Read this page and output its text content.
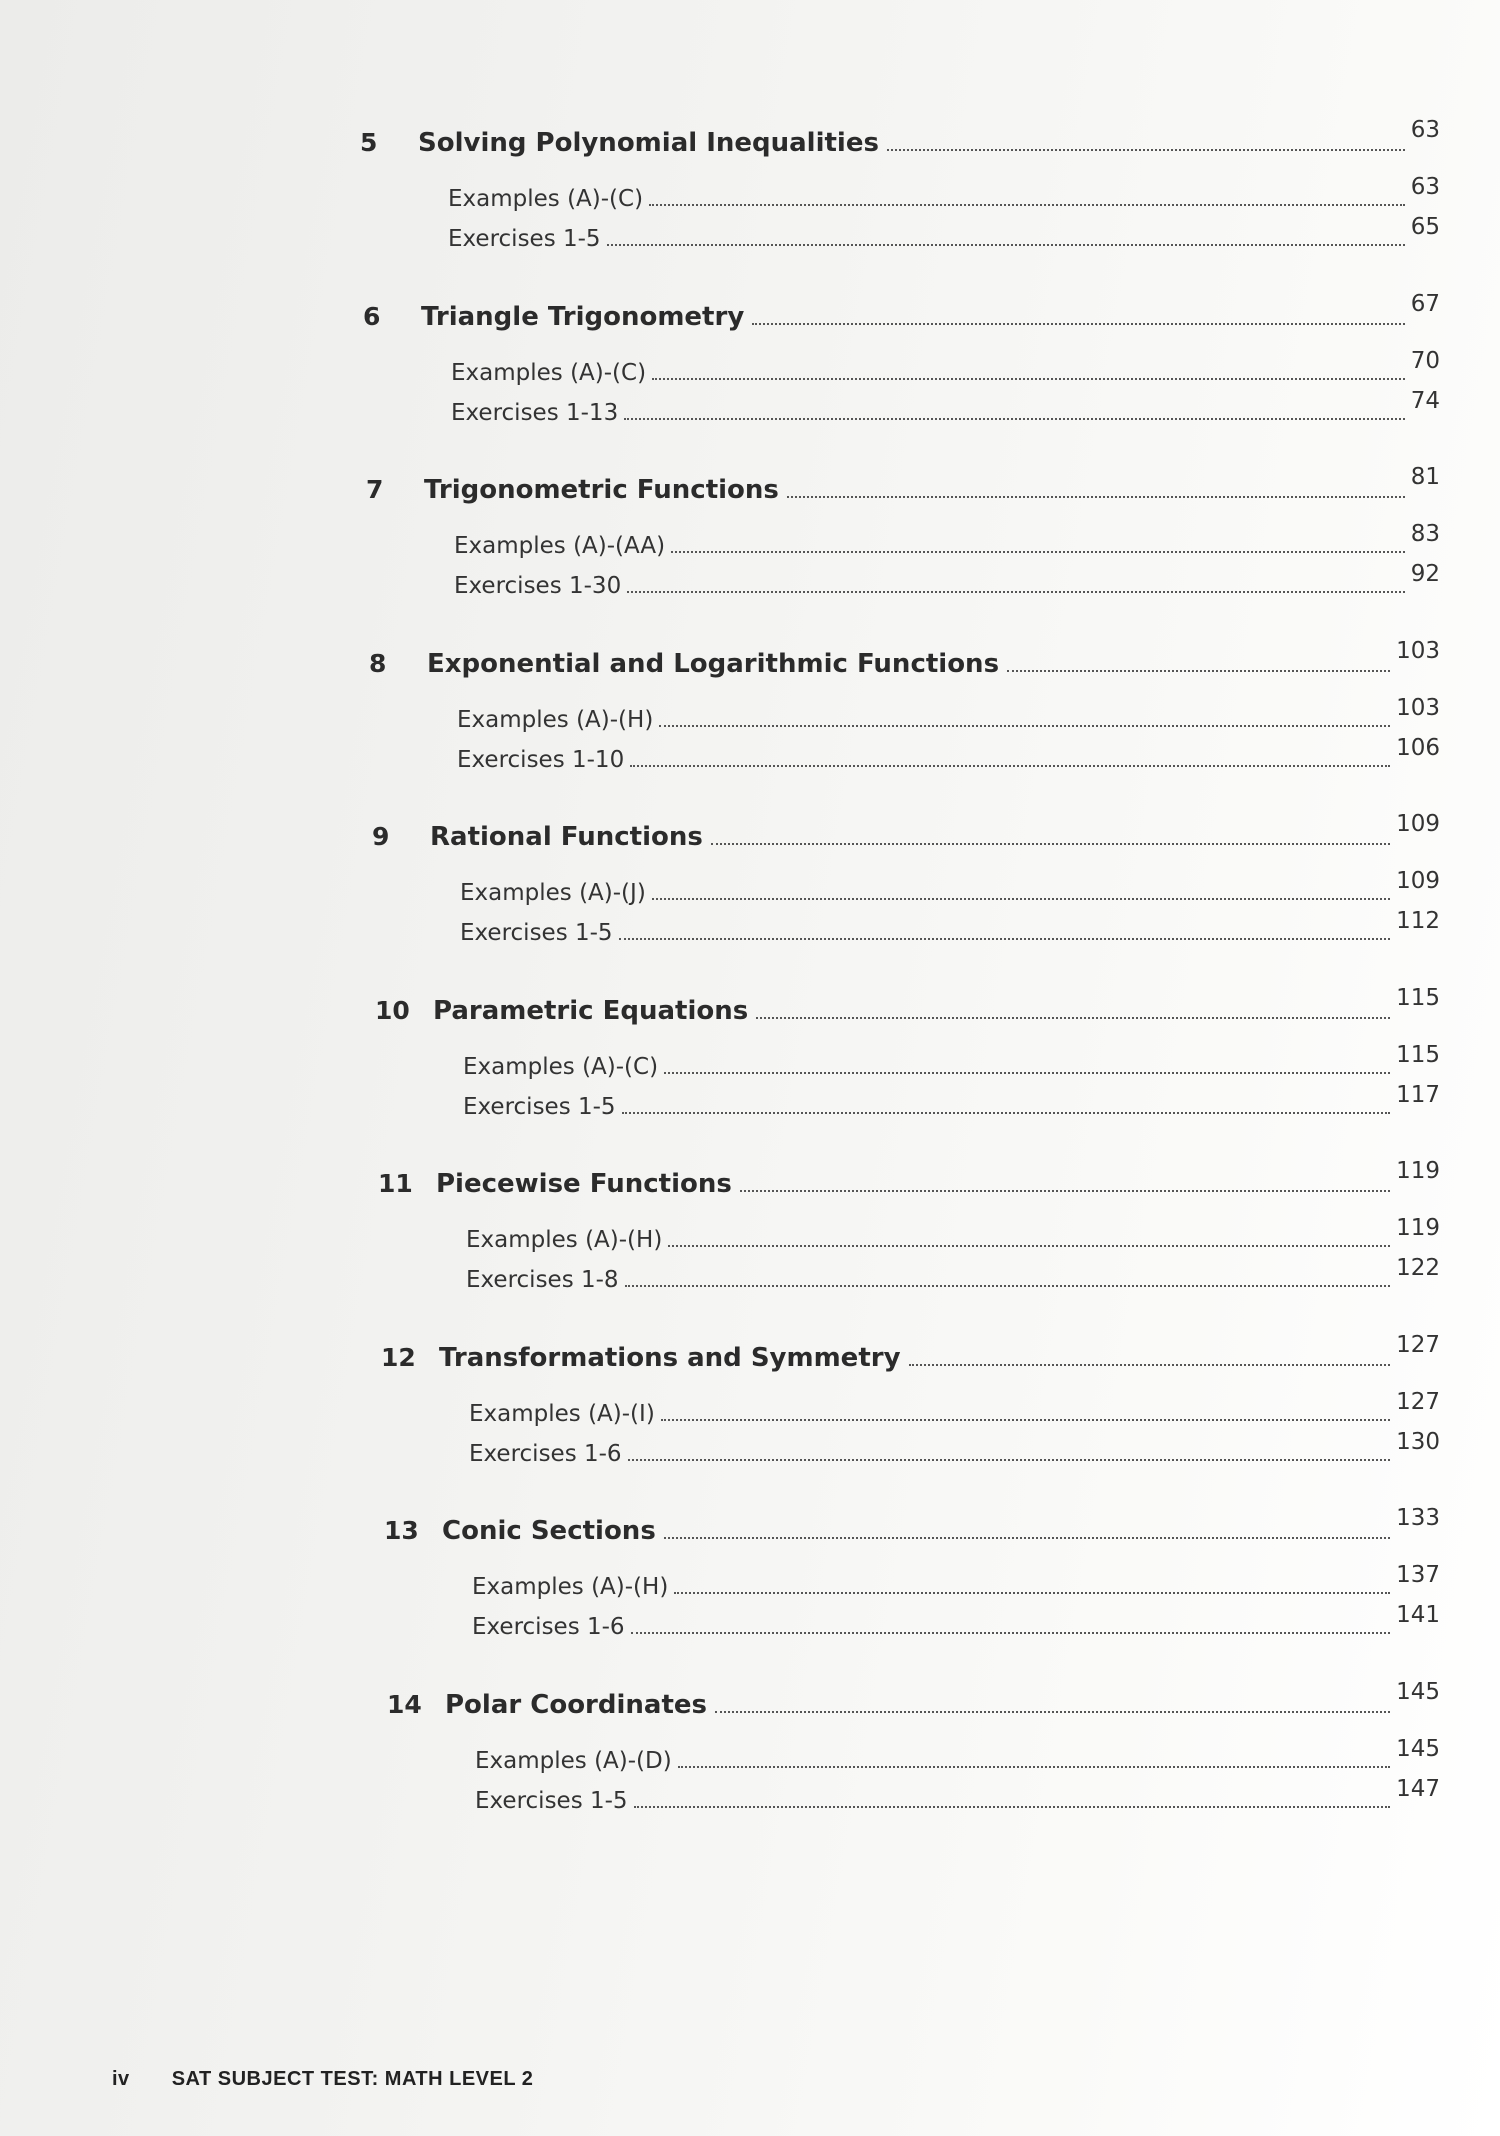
5	Solving Polynomial Inequalities	63
Examples (A)-(C)	63
Exercises 1-5	65
6	Triangle Trigonometry	67
Examples (A)-(C)	70
Exercises 1-13	74
7	Trigonometric Functions	81
Examples (A)-(AA)	83
Exercises 1-30	92
8	Exponential and Logarithmic Functions	103
Examples (A)-(H)	103
Exercises 1-10	106
9	Rational Functions	109
Examples (A)-(J)	109
Exercises 1-5	112
10 Parametric Equations	115
Examples (A)-(C)	115
Exercises 1-5	117
11 Piecewise Functions	119
Examples (A)-(H)	119
Exercises 1-8	122
12 Transformations and Symmetry	127
Examples (A)-(I)	127
Exercises 1-6	130
13 Conic Sections	133
Examples (A)-(H)	137
Exercises 1-6	141
14 Polar Coordinates	145
Examples (A)-(D)	145
Exercises 1-5	147
iv SAT SUBJECT TEST: MATH LEVEL 2
